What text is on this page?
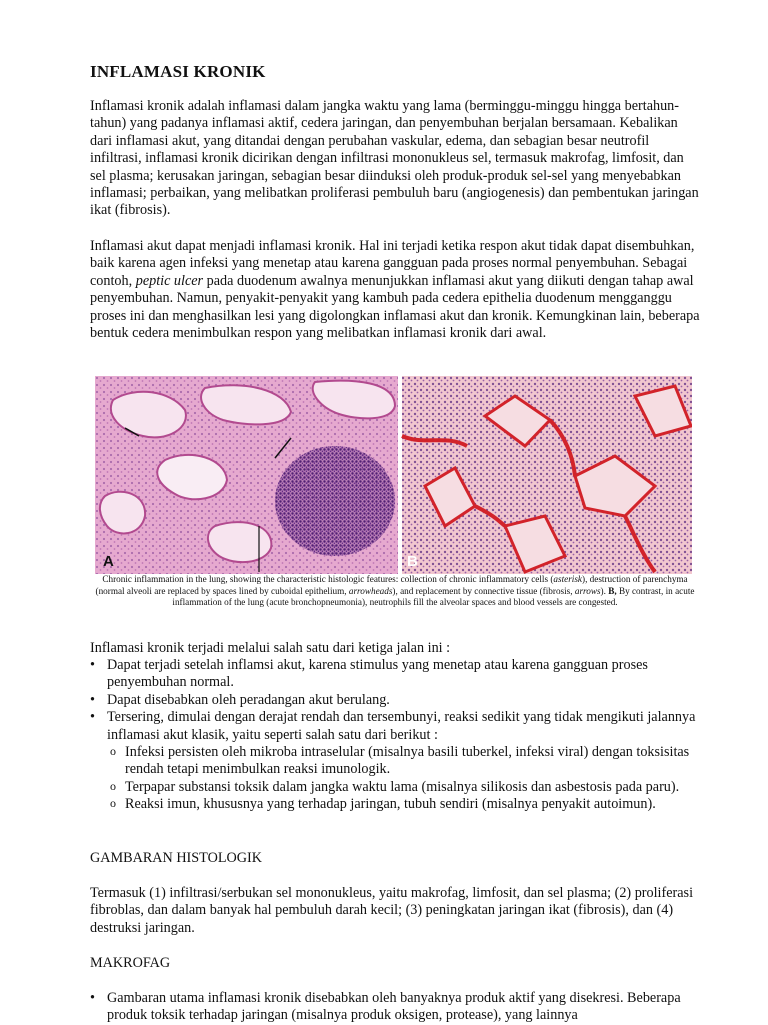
INFLAMASI KRONIK

Inflamasi kronik adalah inflamasi dalam jangka waktu yang lama (berminggu-minggu hingga bertahun-tahun) yang padanya inflamasi aktif, cedera jaringan, dan penyembuhan berjalan bersamaan. Kebalikan dari inflamasi akut, yang ditandai dengan perubahan vaskular, edema, dan sebagian besar neutrofil infiltrasi, inflamasi kronik dicirikan dengan infiltrasi mononukleus sel, termasuk makrofag, limfosit, dan sel plasma; kerusakan jaringan, sebagian besar diinduksi oleh produk-produk sel-sel yang menyebabkan inflamasi; perbaikan, yang melibatkan proliferasi pembuluh baru (angiogenesis) dan pembentukan jaringan ikat (fibrosis).

Inflamasi akut dapat menjadi inflamasi kronik. Hal ini terjadi ketika respon akut tidak dapat disembuhkan, baik karena agen infeksi yang menetap atau karena gangguan pada proses normal penyembuhan. Sebagai contoh, peptic ulcer pada duodenum awalnya menunjukkan inflamasi akut yang diikuti dengan tahap awal penyembuhan. Namun, penyakit-penyakit yang kambuh pada cedera epithelia duodenum mengganggu proses ini dan menghasilkan lesi yang digolongkan inflamasi akut dan kronik. Kemungkinan lain, beberapa bentuk cedera menimbulkan respon yang melibatkan inflamasi kronik dari awal.

A	B

Chronic inflammation in the lung, showing the characteristic histologic features: collection of chronic inflammatory cells (asterisk), destruction of parenchyma (normal alveoli are replaced by spaces lined by cuboidal epithelium, arrowheads), and replacement by connective tissue (fibrosis, arrows). B, By contrast, in acute inflammation of the lung (acute bronchopneumonia), neutrophils fill the alveolar spaces and blood vessels are congested.

Inflamasi kronik terjadi melalui salah satu dari ketiga jalan ini :

• Dapat terjadi setelah inflamsi akut, karena stimulus yang menetap atau karena gangguan proses penyembuhan normal.
• Dapat disebabkan oleh peradangan akut berulang.
• Tersering, dimulai dengan derajat rendah dan tersembunyi, reaksi sedikit yang tidak mengikuti jalannya inflamasi akut klasik, yaitu seperti salah satu dari berikut :
o Infeksi persisten oleh mikroba intraselular (misalnya basili tuberkel, infeksi viral) dengan toksisitas rendah tetapi menimbulkan reaksi imunologik.
o Terpapar substansi toksik dalam jangka waktu lama (misalnya silikosis dan asbestosis pada paru).
o Reaksi imun, khususnya yang terhadap jaringan, tubuh sendiri (misalnya penyakit autoimun).
GAMBARAN HISTOLOGIK

Termasuk (1) infiltrasi/serbukan sel mononukleus, yaitu makrofag, limfosit, dan sel plasma; (2) proliferasi fibroblas, dan dalam banyak hal pembuluh darah kecil; (3) peningkatan jaringan ikat (fibrosis), dan (4) destruksi jaringan.

MAKROFAG
• Gambaran utama inflamasi kronik disebabkan oleh banyaknya produk aktif yang disekresi. Beberapa produk toksik terhadap jaringan (misalnya produk oksigen, protease), yang lainnya
